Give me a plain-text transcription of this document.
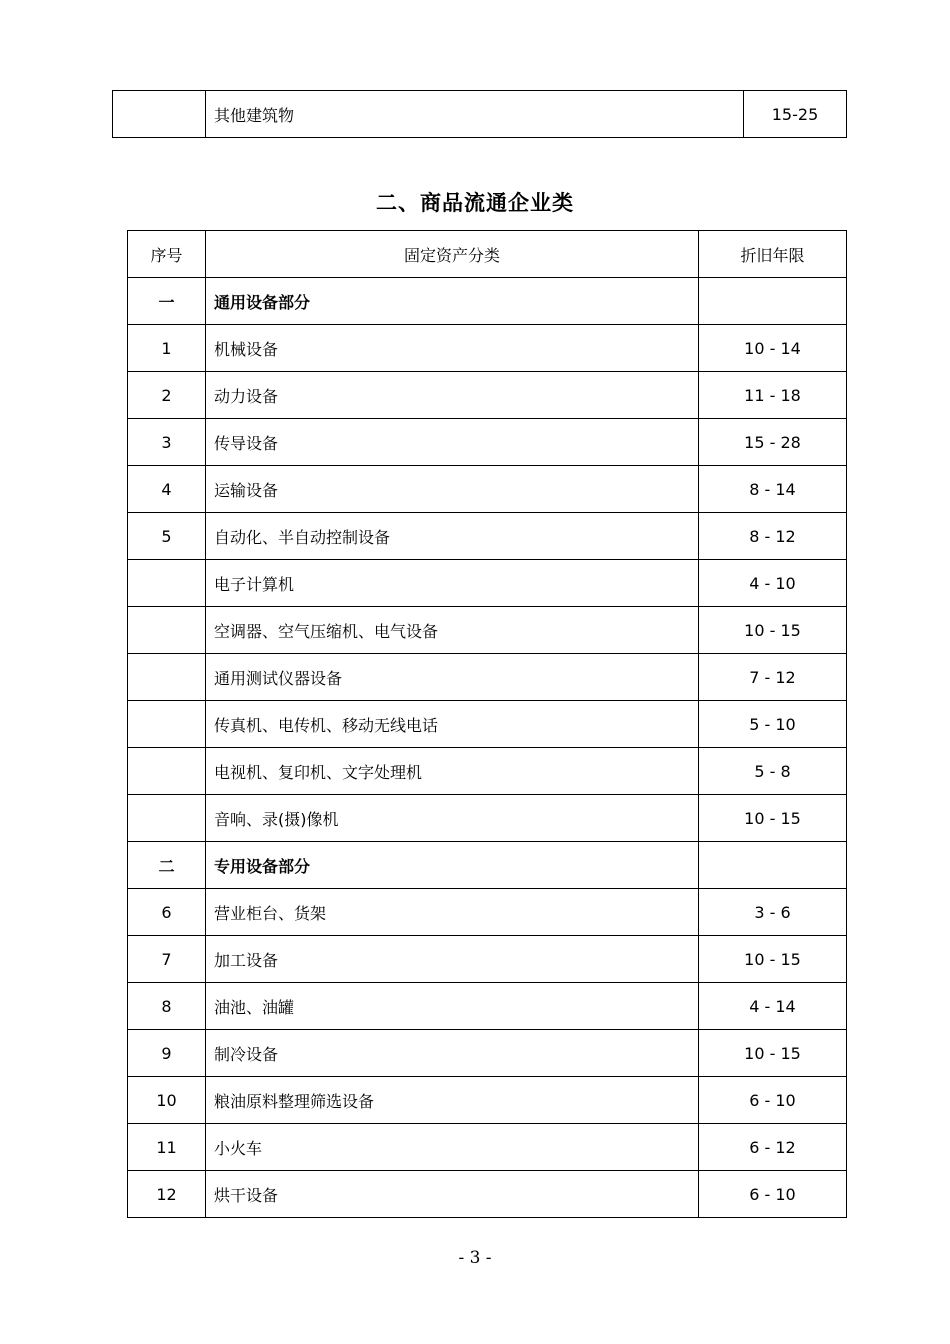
	其他建筑物	15-25
二、商品流通企业类
序号	固定资产分类	折旧年限
一	通用设备部分	
1	机械设备	10 - 14
2	动力设备	11 - 18
3	传导设备	15 - 28
4	运输设备	8 - 14
5	自动化、半自动控制设备	8 - 12
	电子计算机	4 - 10
	空调器、空气压缩机、电气设备	10 - 15
	通用测试仪器设备	7 - 12
	传真机、电传机、移动无线电话	5 - 10
	电视机、复印机、文字处理机	5 - 8
	音响、录(摄)像机	10 - 15
二	专用设备部分	
6	营业柜台、货架	3 - 6
7	加工设备	10 - 15
8	油池、油罐	4 - 14
9	制冷设备	10 - 15
10	粮油原料整理筛选设备	6 - 10
11	小火车	6 - 12
12	烘干设备	6 - 10
- 3 -
